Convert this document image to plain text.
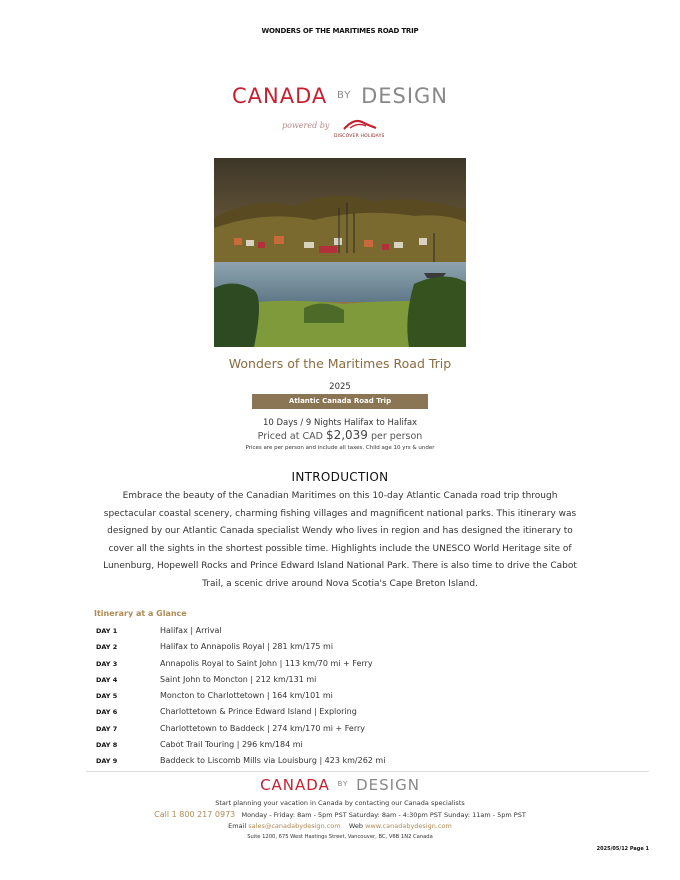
WONDERS OF THE MARITIMES ROAD TRIP
CANADA $^{BY}$ DESIGN
powered by
DISCOVER HOLIDAYS
Wonders of the Maritimes Road Trip
2025
Atlantic Canada Road Trip
10 Days / 9 Nights Halifax to Halifax
Priced at CAD $2,039 per person
Prices are per person and include all taxes. Child age 10 yrs & under
INTRODUCTION
Embrace the beauty of the Canadian Maritimes on this 10-day Atlantic Canada road trip through spectacular coastal scenery, charming fishing villages and magnificent national parks. This itinerary was designed by our Atlantic Canada specialist Wendy who lives in region and has designed the itinerary to cover all the sights in the shortest possible time. Highlights include the UNESCO World Heritage site of Lunenburg, Hopewell Rocks and Prince Edward Island National Park. There is also time to drive the Cabot Trail, a scenic drive around Nova Scotia's Cape Breton Island.
Itinerary at a Glance
DAY 1	Halifax | Arrival
DAY 2	Halifax to Annapolis Royal | 281 km/175 mi
DAY 3	Annapolis Royal to Saint John | 113 km/70 mi + Ferry
DAY 4	Saint John to Moncton | 212 km/131 mi
DAY 5	Moncton to Charlottetown | 164 km/101 mi
DAY 6	Charlottetown & Prince Edward Island | Exploring
DAY 7	Charlottetown to Baddeck | 274 km/170 mi + Ferry
DAY 8	Cabot Trail Touring | 296 km/184 mi
DAY 9	Baddeck to Liscomb Mills via Louisburg | 423 km/262 mi
CANADA $^{BY}$ DESIGN
Start planning your vacation in Canada by contacting our Canada specialists
Call 1 800 217 0973 Monday - Friday: 8am - 5pm PST Saturday: 8am - 4:30pm PST Sunday: 11am - 5pm PST
Email sales@canadabydesign.com Web www.canadabydesign.com
Suite 1200, 675 West Hastings Street, Vancouver, BC, V6B 1N2 Canada
2025/05/12 Page 1
